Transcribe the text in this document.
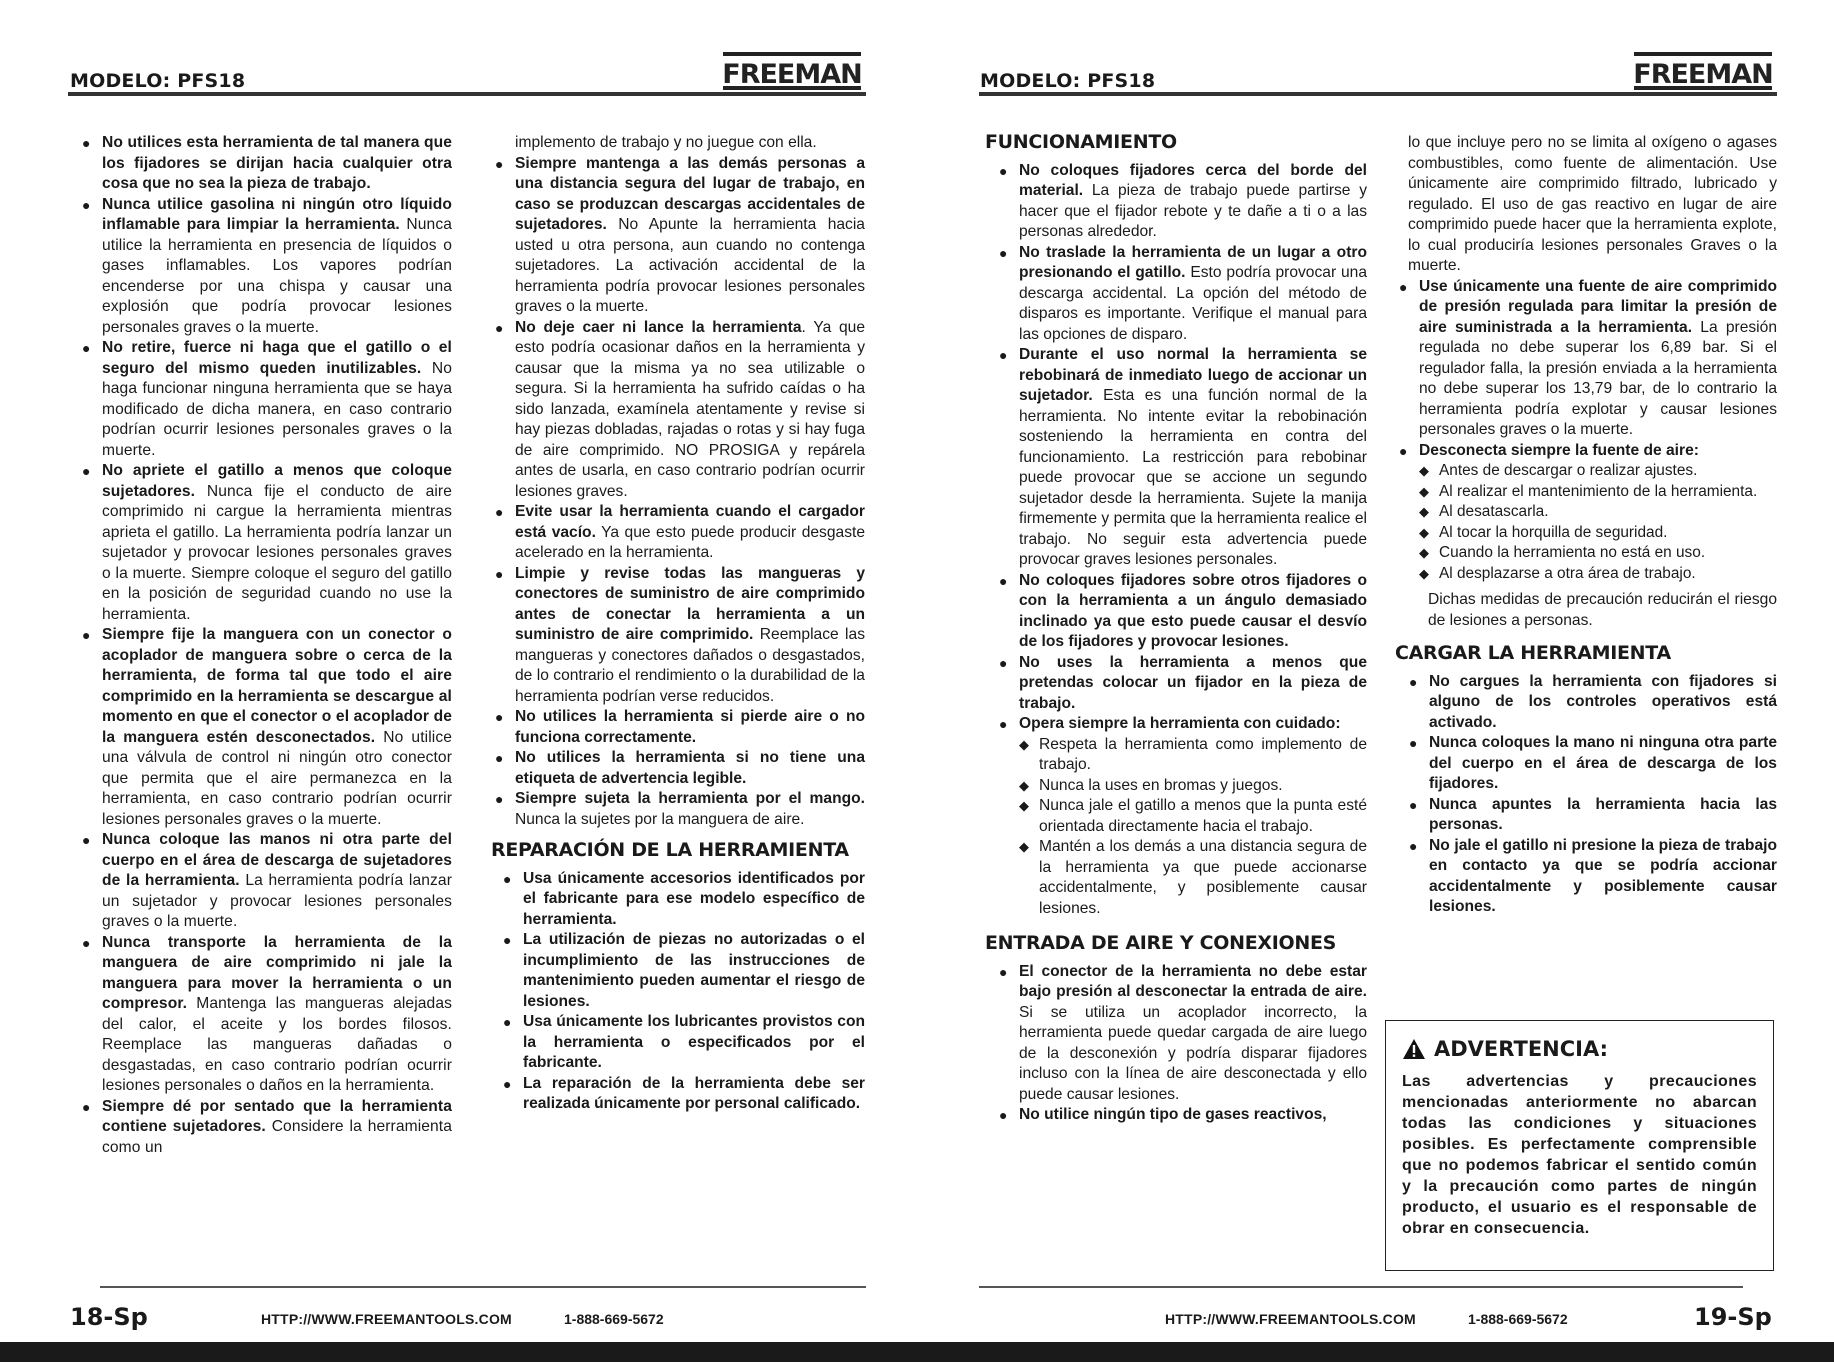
MODELO: PFS18	FREEMAN
● No utilices esta herramienta de tal manera que los fijadores se dirijan hacia cualquier otra cosa que no sea la pieza de trabajo.
● Nunca utilice gasolina ni ningún otro líquido inflamable para limpiar la herramienta. Nunca utilice la herramienta en presencia de líquidos o gases inflamables. Los vapores podrían encenderse por una chispa y causar una explosión que podría provocar lesiones personales graves o la muerte.
● No retire, fuerce ni haga que el gatillo o el seguro del mismo queden inutilizables. No haga funcionar ninguna herramienta que se haya modificado de dicha manera, en caso contrario podrían ocurrir lesiones personales graves o la muerte.
● No apriete el gatillo a menos que coloque sujetadores. Nunca fije el conducto de aire comprimido ni cargue la herramienta mientras aprieta el gatillo. La herramienta podría lanzar un sujetador y provocar lesiones personales graves o la muerte. Siempre coloque el seguro del gatillo en la posición de seguridad cuando no use la herramienta.
● Siempre fije la manguera con un conector o acoplador de manguera sobre o cerca de la herramienta, de forma tal que todo el aire comprimido en la herramienta se descargue al momento en que el conector o el acoplador de la manguera estén desconectados. No utilice una válvula de control ni ningún otro conector que permita que el aire permanezca en la herramienta, en caso contrario podrían ocurrir lesiones personales graves o la muerte.
● Nunca coloque las manos ni otra parte del cuerpo en el área de descarga de sujetadores de la herramienta. La herramienta podría lanzar un sujetador y provocar lesiones personales graves o la muerte.
● Nunca transporte la herramienta de la manguera de aire comprimido ni jale la manguera para mover la herramienta o un compresor. Mantenga las mangueras alejadas del calor, el aceite y los bordes filosos. Reemplace las mangueras dañadas o desgastadas, en caso contrario podrían ocurrir lesiones personales o daños en la herramienta.
● Siempre dé por sentado que la herramienta contiene sujetadores. Considere la herramienta como un
implemento de trabajo y no juegue con ella.
● Siempre mantenga a las demás personas a una distancia segura del lugar de trabajo, en caso se produzcan descargas accidentales de sujetadores. No Apunte la herramienta hacia usted u otra persona, aun cuando no contenga sujetadores. La activación accidental de la herramienta podría provocar lesiones personales graves o la muerte.
● No deje caer ni lance la herramienta. Ya que esto podría ocasionar daños en la herramienta y causar que la misma ya no sea utilizable o segura. Si la herramienta ha sufrido caídas o ha sido lanzada, examínela atentamente y revise si hay piezas dobladas, rajadas o rotas y si hay fuga de aire comprimido. NO PROSIGA y repárela antes de usarla, en caso contrario podrían ocurrir lesiones graves.
● Evite usar la herramienta cuando el cargador está vacío. Ya que esto puede producir desgaste acelerado en la herramienta.
● Limpie y revise todas las mangueras y conectores de suministro de aire comprimido antes de conectar la herramienta a un suministro de aire comprimido. Reemplace las mangueras y conectores dañados o desgastados, de lo contrario el rendimiento o la durabilidad de la herramienta podrían verse reducidos.
● No utilices la herramienta si pierde aire o no funciona correctamente.
● No utilices la herramienta si no tiene una etiqueta de advertencia legible.
● Siempre sujeta la herramienta por el mango. Nunca la sujetes por la manguera de aire.
REPARACIÓN DE LA HERRAMIENTA
● Usa únicamente accesorios identificados por el fabricante para ese modelo específico de herramienta.
● La utilización de piezas no autorizadas o el incumplimiento de las instrucciones de mantenimiento pueden aumentar el riesgo de lesiones.
● Usa únicamente los lubricantes provistos con la herramienta o especificados por el fabricante.
● La reparación de la herramienta debe ser realizada únicamente por personal calificado.
18-Sp	HTTP://WWW.FREEMANTOOLS.COM	1-888-669-5672
MODELO: PFS18	FREEMAN
FUNCIONAMIENTO
● No coloques fijadores cerca del borde del material. La pieza de trabajo puede partirse y hacer que el fijador rebote y te dañe a ti o a las personas alrededor.
● No traslade la herramienta de un lugar a otro presionando el gatillo. Esto podría provocar una descarga accidental. La opción del método de disparos es importante. Verifique el manual para las opciones de disparo.
● Durante el uso normal la herramienta se rebobinará de inmediato luego de accionar un sujetador. Esta es una función normal de la herramienta. No intente evitar la rebobinación sosteniendo la herramienta en contra del funcionamiento. La restricción para rebobinar puede provocar que se accione un segundo sujetador desde la herramienta. Sujete la manija firmemente y permita que la herramienta realice el trabajo. No seguir esta advertencia puede provocar graves lesiones personales.
● No coloques fijadores sobre otros fijadores o con la herramienta a un ángulo demasiado inclinado ya que esto puede causar el desvío de los fijadores y provocar lesiones.
● No uses la herramienta a menos que pretendas colocar un fijador en la pieza de trabajo.
● Opera siempre la herramienta con cuidado:
◆ Respeta la herramienta como implemento de trabajo.
◆ Nunca la uses en bromas y juegos.
◆ Nunca jale el gatillo a menos que la punta esté orientada directamente hacia el trabajo.
◆ Mantén a los demás a una distancia segura de la herramienta ya que puede accionarse accidentalmente, y posiblemente causar lesiones.
ENTRADA DE AIRE Y CONEXIONES
● El conector de la herramienta no debe estar bajo presión al desconectar la entrada de aire. Si se utiliza un acoplador incorrecto, la herramienta puede quedar cargada de aire luego de la desconexión y podría disparar fijadores incluso con la línea de aire desconectada y ello puede causar lesiones.
● No utilice ningún tipo de gases reactivos,
lo que incluye pero no se limita al oxígeno o agases combustibles, como fuente de alimentación. Use únicamente aire comprimido filtrado, lubricado y regulado. El uso de gas reactivo en lugar de aire comprimido puede hacer que la herramienta explote, lo cual produciría lesiones personales Graves o la muerte.
● Use únicamente una fuente de aire comprimido de presión regulada para limitar la presión de aire suministrada a la herramienta. La presión regulada no debe superar los 6,89 bar. Si el regulador falla, la presión enviada a la herramienta no debe superar los 13,79 bar, de lo contrario la herramienta podría explotar y causar lesiones personales graves o la muerte.
● Desconecta siempre la fuente de aire:
◆ Antes de descargar o realizar ajustes.
◆ Al realizar el mantenimiento de la herramienta.
◆ Al desatascarla.
◆ Al tocar la horquilla de seguridad.
◆ Cuando la herramienta no está en uso.
◆ Al desplazarse a otra área de trabajo.
Dichas medidas de precaución reducirán el riesgo de lesiones a personas.
CARGAR LA HERRAMIENTA
● No cargues la herramienta con fijadores si alguno de los controles operativos está activado.
● Nunca coloques la mano ni ninguna otra parte del cuerpo en el área de descarga de los fijadores.
● Nunca apuntes la herramienta hacia las personas.
● No jale el gatillo ni presione la pieza de trabajo en contacto ya que se podría accionar accidentalmente y posiblemente causar lesiones.
ADVERTENCIA:
Las advertencias y precauciones mencionadas anteriormente no abarcan todas las condiciones y situaciones posibles. Es perfectamente comprensible que no podemos fabricar el sentido común y la precaución como partes de ningún producto, el usuario es el responsable de obrar en consecuencia.
HTTP://WWW.FREEMANTOOLS.COM	1-888-669-5672	19-Sp
